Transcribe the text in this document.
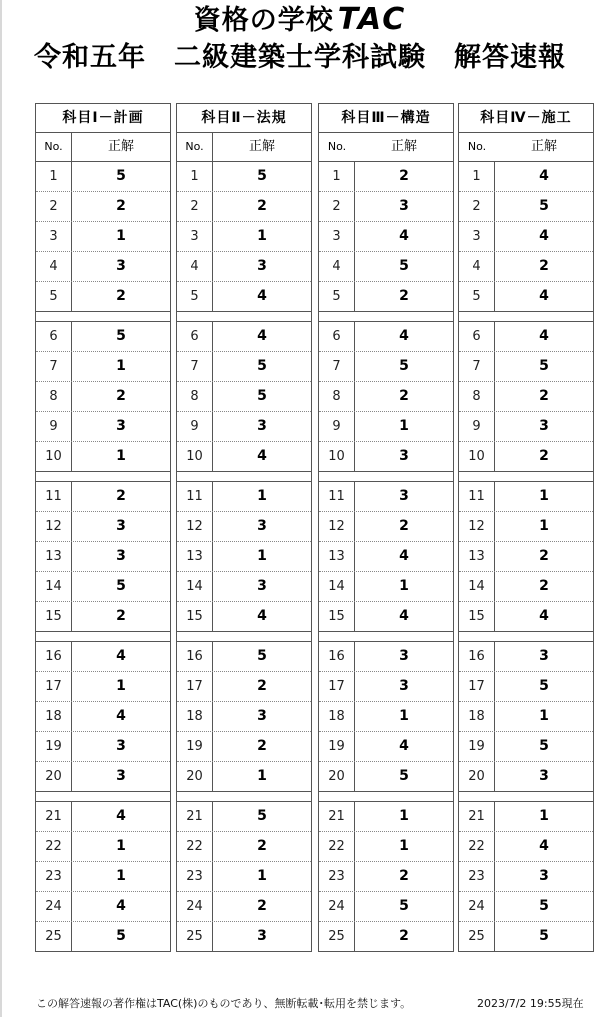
資格の学校 TAC
令和五年　二級建築士学科試験　解答速報
科目Ⅰ－計画
No.	正解
1	5
2	2
3	1
4	3
5	2
6	5
7	1
8	2
9	3
10	1
11	2
12	3
13	3
14	5
15	2
16	4
17	1
18	4
19	3
20	3
21	4
22	1
23	1
24	4
25	5
科目Ⅱ－法規
No.	正解
1	5
2	2
3	1
4	3
5	4
6	4
7	5
8	5
9	3
10	4
11	1
12	3
13	1
14	3
15	4
16	5
17	2
18	3
19	2
20	1
21	5
22	2
23	1
24	2
25	3
科目Ⅲ－構造
No.	正解
1	2
2	3
3	4
4	5
5	2
6	4
7	5
8	2
9	1
10	3
11	3
12	2
13	4
14	1
15	4
16	3
17	3
18	1
19	4
20	5
21	1
22	1
23	2
24	5
25	2
科目Ⅳ－施工
No.	正解
1	4
2	5
3	4
4	2
5	4
6	4
7	5
8	2
9	3
10	2
11	1
12	1
13	2
14	2
15	4
16	3
17	5
18	1
19	5
20	3
21	1
22	4
23	3
24	5
25	5
この解答速報の著作権はTAC(株)のものであり、無断転載･転用を禁じます。	2023/7/2 19:55現在
